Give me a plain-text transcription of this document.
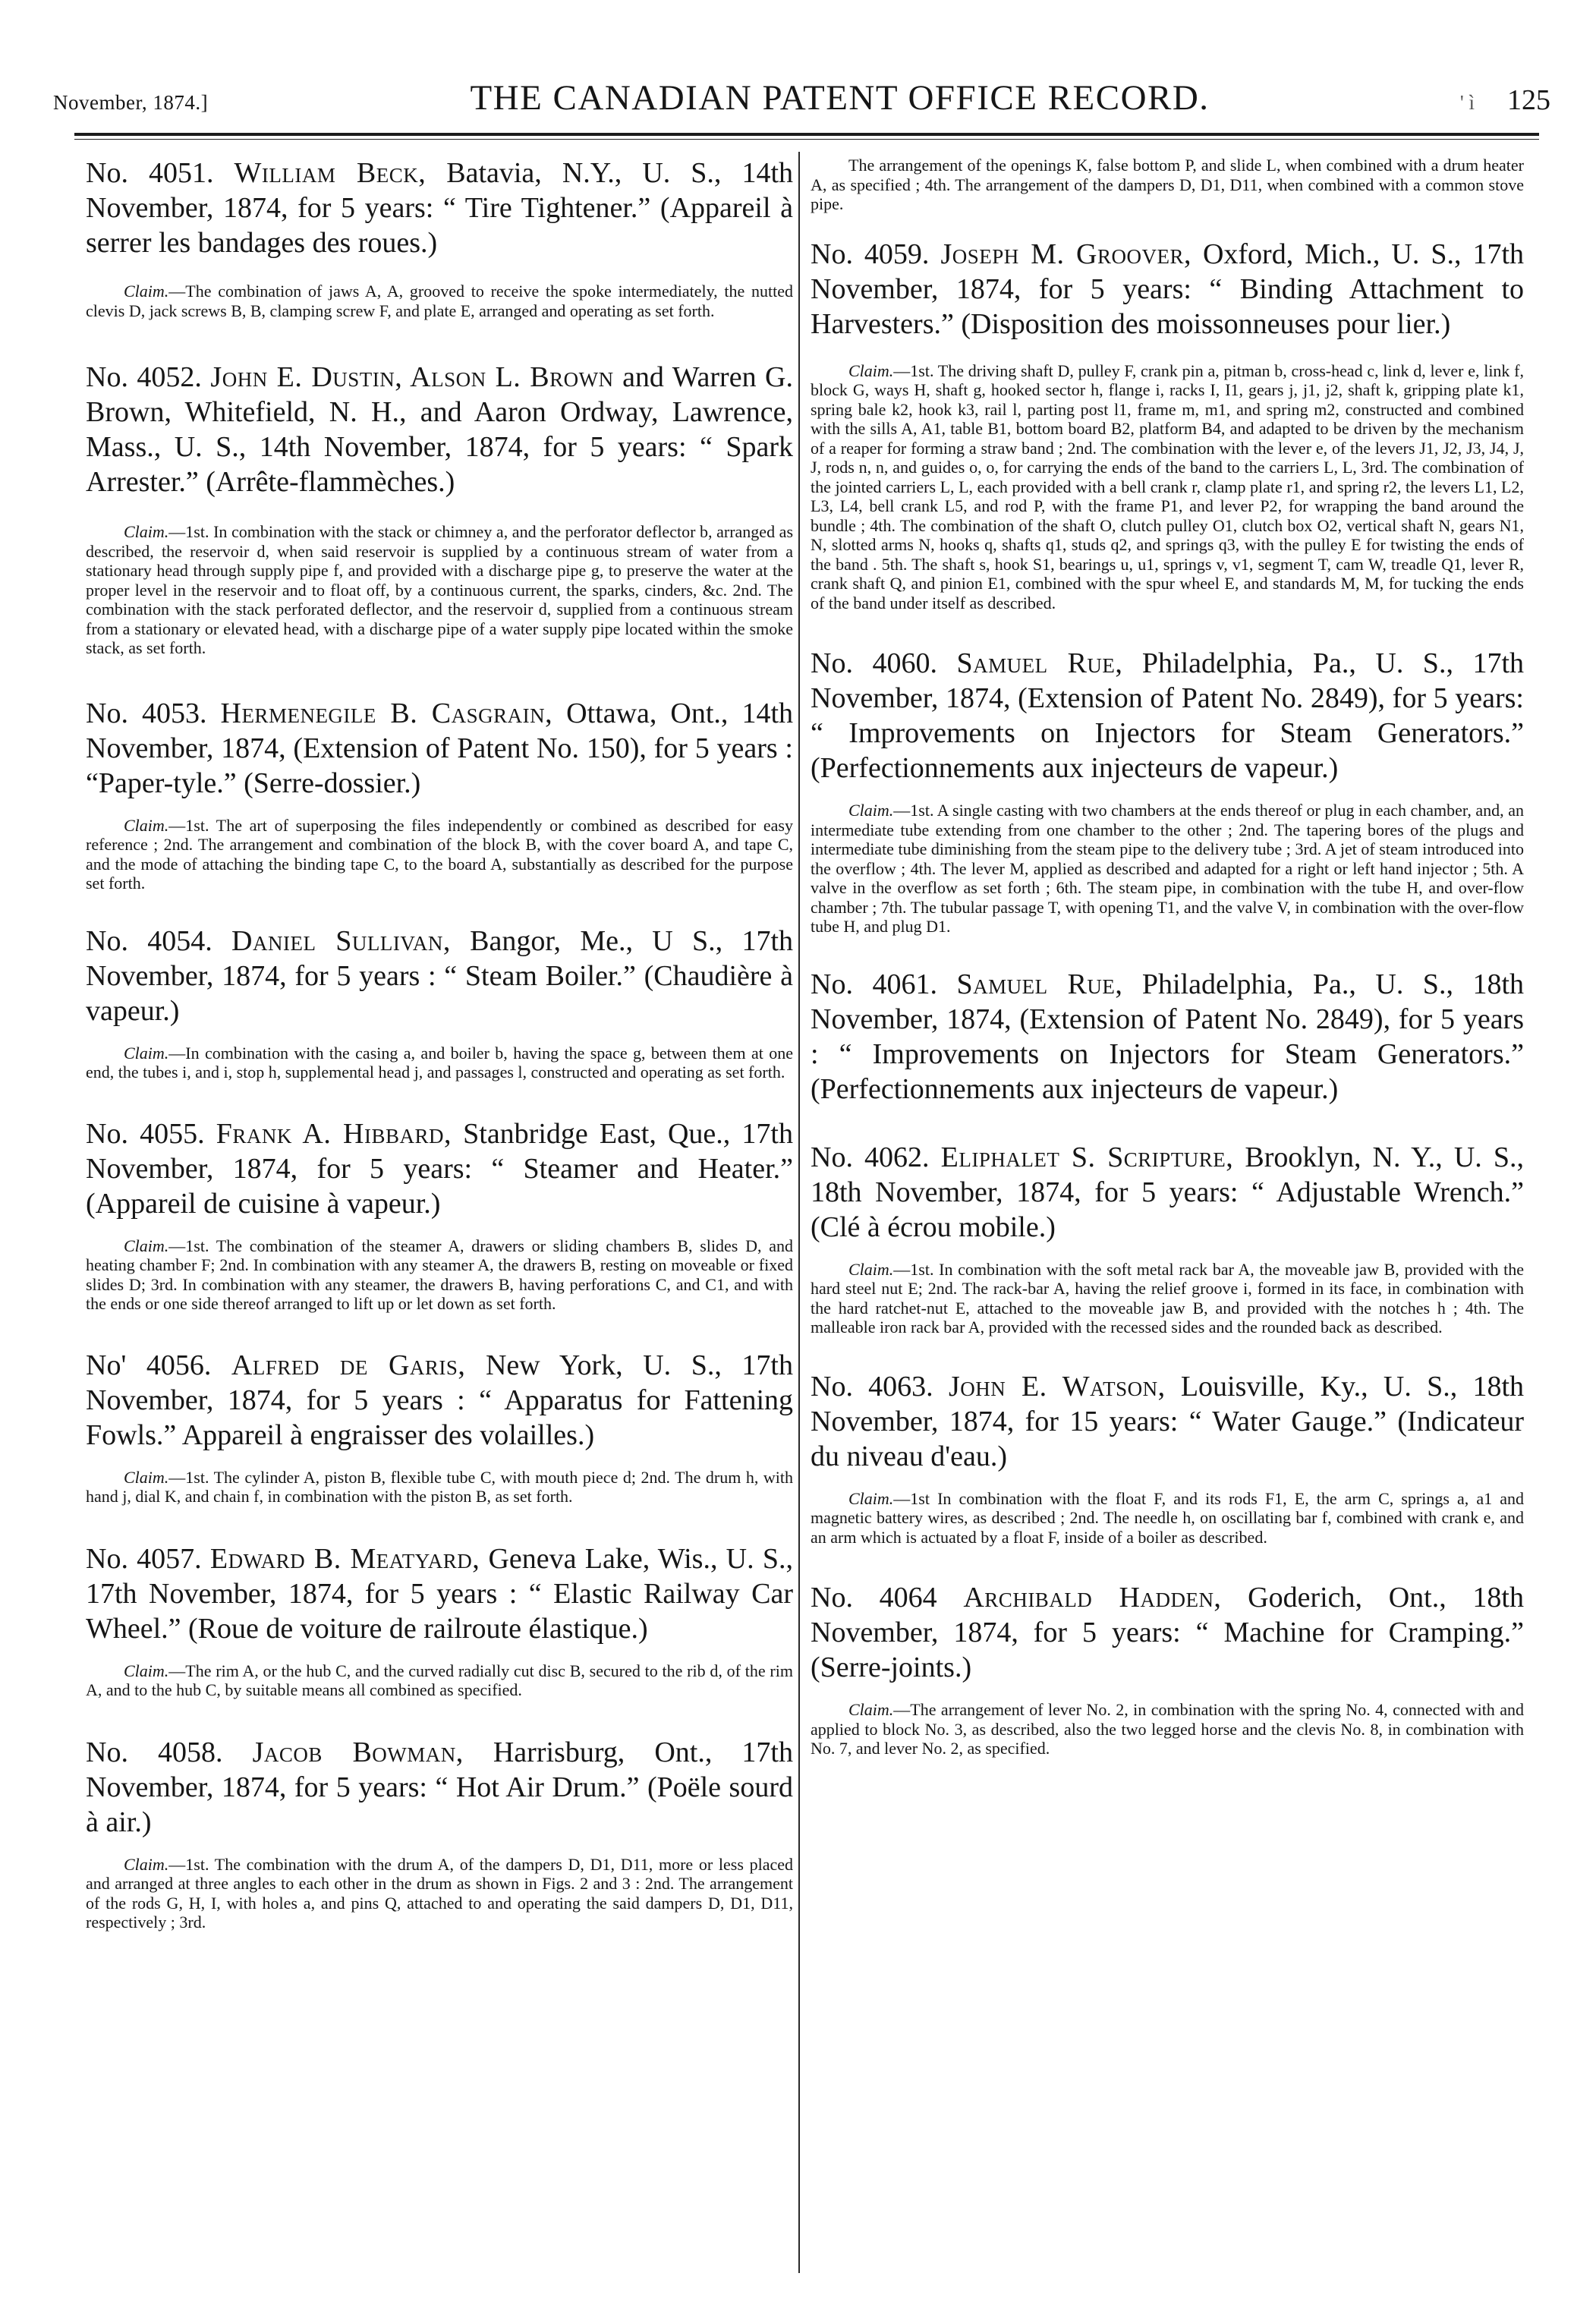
November, 1874.]	THE CANADIAN PATENT OFFICE RECORD.	' ì	125

No. 4051. William Beck, Batavia, N.Y., U. S., 14th November, 1874, for 5 years: “ Tire Tightener.” (Appareil à serrer les bandages des roues.)

Claim.—The combination of jaws A, A, grooved to receive the spoke intermediately, the nutted clevis D, jack screws B, B, clamping screw F, and plate E, arranged and operating as set forth.

No. 4052. John E. Dustin, Alson L. Brown and Warren G. Brown, Whitefield, N. H., and Aaron Ordway, Lawrence, Mass., U. S., 14th November, 1874, for 5 years: “ Spark Arrester.” (Arrête-flammèches.)

Claim.—1st. In combination with the stack or chimney a, and the perforator deflector b, arranged as described, the reservoir d, when said reservoir is supplied by a continuous stream of water from a stationary head through supply pipe f, and provided with a discharge pipe g, to preserve the water at the proper level in the reservoir and to float off, by a continuous current, the sparks, cinders, &c. 2nd. The combination with the stack perforated deflector, and the reservoir d, supplied from a continuous stream from a stationary or elevated head, with a discharge pipe of a water supply pipe located within the smoke stack, as set forth.

No. 4053. Hermenegile B. Casgrain, Ottawa, Ont., 14th November, 1874, (Extension of Patent No. 150), for 5 years : “Paper-tyle.” (Serre-dossier.)

Claim.—1st. The art of superposing the files independently or combined as described for easy reference ; 2nd. The arrangement and combination of the block B, with the cover board A, and tape C, and the mode of attaching the binding tape C, to the board A, substantially as described for the purpose set forth.

No. 4054. Daniel Sullivan, Bangor, Me., U S., 17th November, 1874, for 5 years : “ Steam Boiler.” (Chaudière à vapeur.)

Claim.—In combination with the casing a, and boiler b, having the space g, between them at one end, the tubes i, and i, stop h, supplemental head j, and passages l, constructed and operating as set forth.

No. 4055. Frank A. Hibbard, Stanbridge East, Que., 17th November, 1874, for 5 years: “ Steamer and Heater.” (Appareil de cuisine à vapeur.)

Claim.—1st. The combination of the steamer A, drawers or sliding chambers B, slides D, and heating chamber F; 2nd. In combination with any steamer A, the drawers B, resting on moveable or fixed slides D; 3rd. In combination with any steamer, the drawers B, having perforations C, and C1, and with the ends or one side thereof arranged to lift up or let down as set forth.

No' 4056. Alfred de Garis, New York, U. S., 17th November, 1874, for 5 years : “ Apparatus for Fattening Fowls.” Appareil à engraisser des volailles.)

Claim.—1st. The cylinder A, piston B, flexible tube C, with mouth piece d; 2nd. The drum h, with hand j, dial K, and chain f, in combination with the piston B, as set forth.

No. 4057. Edward B. Meatyard, Geneva Lake, Wis., U. S., 17th November, 1874, for 5 years : “ Elastic Railway Car Wheel.” (Roue de voiture de railroute élastique.)

Claim.—The rim A, or the hub C, and the curved radially cut disc B, secured to the rib d, of the rim A, and to the hub C, by suitable means all combined as specified.

No. 4058. Jacob Bowman, Harrisburg, Ont., 17th November, 1874, for 5 years: “ Hot Air Drum.” (Poële sourd à air.)

Claim.—1st. The combination with the drum A, of the dampers D, D1, D11, more or less placed and arranged at three angles to each other in the drum as shown in Figs. 2 and 3 : 2nd. The arrangement of the rods G, H, I, with holes a, and pins Q, attached to and operating the said dampers D, D1, D11, respectively ; 3rd.

The arrangement of the openings K, false bottom P, and slide L, when combined with a drum heater A, as specified ; 4th. The arrangement of the dampers D, D1, D11, when combined with a common stove pipe.

No. 4059. Joseph M. Groover, Oxford, Mich., U. S., 17th November, 1874, for 5 years: “ Binding Attachment to Harvesters.” (Disposition des moissonneuses pour lier.)

Claim.—1st. The driving shaft D, pulley F, crank pin a, pitman b, cross-head c, link d, lever e, link f, block G, ways H, shaft g, hooked sector h, flange i, racks I, I1, gears j, j1, j2, shaft k, gripping plate k1, spring bale k2, hook k3, rail l, parting post l1, frame m, m1, and spring m2, constructed and combined with the sills A, A1, table B1, bottom board B2, platform B4, and adapted to be driven by the mechanism of a reaper for forming a straw band ; 2nd. The combination with the lever e, of the levers J1, J2, J3, J4, J, J, rods n, n, and guides o, o, for carrying the ends of the band to the carriers L, L, 3rd. The combination of the jointed carriers L, L, each provided with a bell crank r, clamp plate r1, and spring r2, the levers L1, L2, L3, L4, bell crank L5, and rod P, with the frame P1, and lever P2, for wrapping the band around the bundle ; 4th. The combination of the shaft O, clutch pulley O1, clutch box O2, vertical shaft N, gears N1, N, slotted arms N, hooks q, shafts q1, studs q2, and springs q3, with the pulley E for twisting the ends of the band . 5th. The shaft s, hook S1, bearings u, u1, springs v, v1, segment T, cam W, treadle Q1, lever R, crank shaft Q, and pinion E1, combined with the spur wheel E, and standards M, M, for tucking the ends of the band under itself as described.

No. 4060. Samuel Rue, Philadelphia, Pa., U. S., 17th November, 1874, (Extension of Patent No. 2849), for 5 years: “ Improvements on Injectors for Steam Generators.” (Perfectionnements aux injecteurs de vapeur.)

Claim.—1st. A single casting with two chambers at the ends thereof or plug in each chamber, and, an intermediate tube extending from one chamber to the other ; 2nd. The tapering bores of the plugs and intermediate tube diminishing from the steam pipe to the delivery tube ; 3rd. A jet of steam introduced into the overflow ; 4th. The lever M, applied as described and adapted for a right or left hand injector ; 5th. A valve in the overflow as set forth ; 6th. The steam pipe, in combination with the tube H, and over-flow chamber ; 7th. The tubular passage T, with opening T1, and the valve V, in combination with the over-flow tube H, and plug D1.

No. 4061. Samuel Rue, Philadelphia, Pa., U. S., 18th November, 1874, (Extension of Patent No. 2849), for 5 years : “ Improvements on Injectors for Steam Generators.” (Perfectionnements aux injecteurs de vapeur.)

No. 4062. Eliphalet S. Scripture, Brooklyn, N. Y., U. S., 18th November, 1874, for 5 years: “ Adjustable Wrench.” (Clé à écrou mobile.)

Claim.—1st. In combination with the soft metal rack bar A, the moveable jaw B, provided with the hard steel nut E; 2nd. The rack-bar A, having the relief groove i, formed in its face, in combination with the hard ratchet-nut E, attached to the moveable jaw B, and provided with the notches h ; 4th. The malleable iron rack bar A, provided with the recessed sides and the rounded back as described.

No. 4063. John E. Watson, Louisville, Ky., U. S., 18th November, 1874, for 15 years: “ Water Gauge.” (Indicateur du niveau d'eau.)

Claim.—1st In combination with the float F, and its rods F1, E, the arm C, springs a, a1 and magnetic battery wires, as described ; 2nd. The needle h, on oscillating bar f, combined with crank e, and an arm which is actuated by a float F, inside of a boiler as described.

No. 4064 Archibald Hadden, Goderich, Ont., 18th November, 1874, for 5 years: “ Machine for Cramping.” (Serre-joints.)

Claim.—The arrangement of lever No. 2, in combination with the spring No. 4, connected with and applied to block No. 3, as described, also the two legged horse and the clevis No. 8, in combination with No. 7, and lever No. 2, as specified.
